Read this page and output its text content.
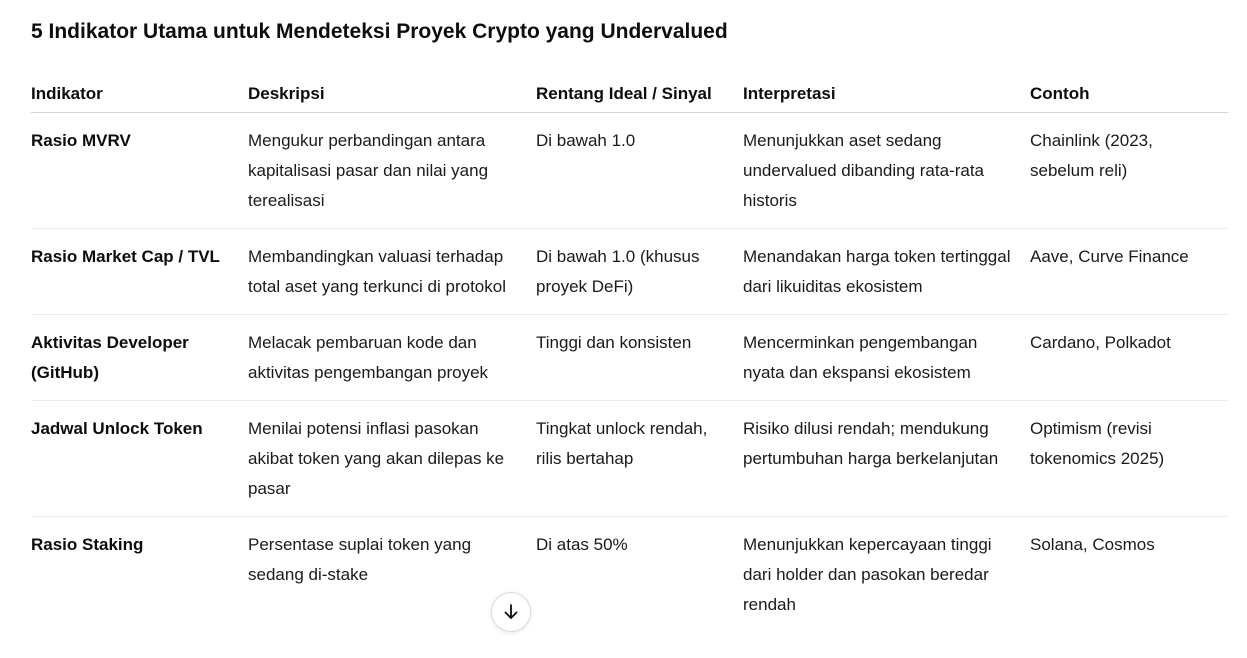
5 Indikator Utama untuk Mendeteksi Proyek Crypto yang Undervalued
Indikator	Deskripsi	Rentang Ideal / Sinyal	Interpretasi	Contoh
Rasio MVRV	Mengukur perbandingan antara kapitalisasi pasar dan nilai yang terealisasi	Di bawah 1.0	Menunjukkan aset sedang undervalued dibanding rata-rata historis	Chainlink (2023, sebelum reli)
Rasio Market Cap / TVL	Membandingkan valuasi terhadap total aset yang terkunci di protokol	Di bawah 1.0 (khusus proyek DeFi)	Menandakan harga token tertinggal dari likuiditas ekosistem	Aave, Curve Finance
Aktivitas Developer (GitHub)	Melacak pembaruan kode dan aktivitas pengembangan proyek	Tinggi dan konsisten	Mencerminkan pengembangan nyata dan ekspansi ekosistem	Cardano, Polkadot
Jadwal Unlock Token	Menilai potensi inflasi pasokan akibat token yang akan dilepas ke pasar	Tingkat unlock rendah, rilis bertahap	Risiko dilusi rendah; mendukung pertumbuhan harga berkelanjutan	Optimism (revisi tokenomics 2025)
Rasio Staking	Persentase suplai token yang sedang di-stake	Di atas 50%	Menunjukkan kepercayaan tinggi dari holder dan pasokan beredar rendah	Solana, Cosmos
